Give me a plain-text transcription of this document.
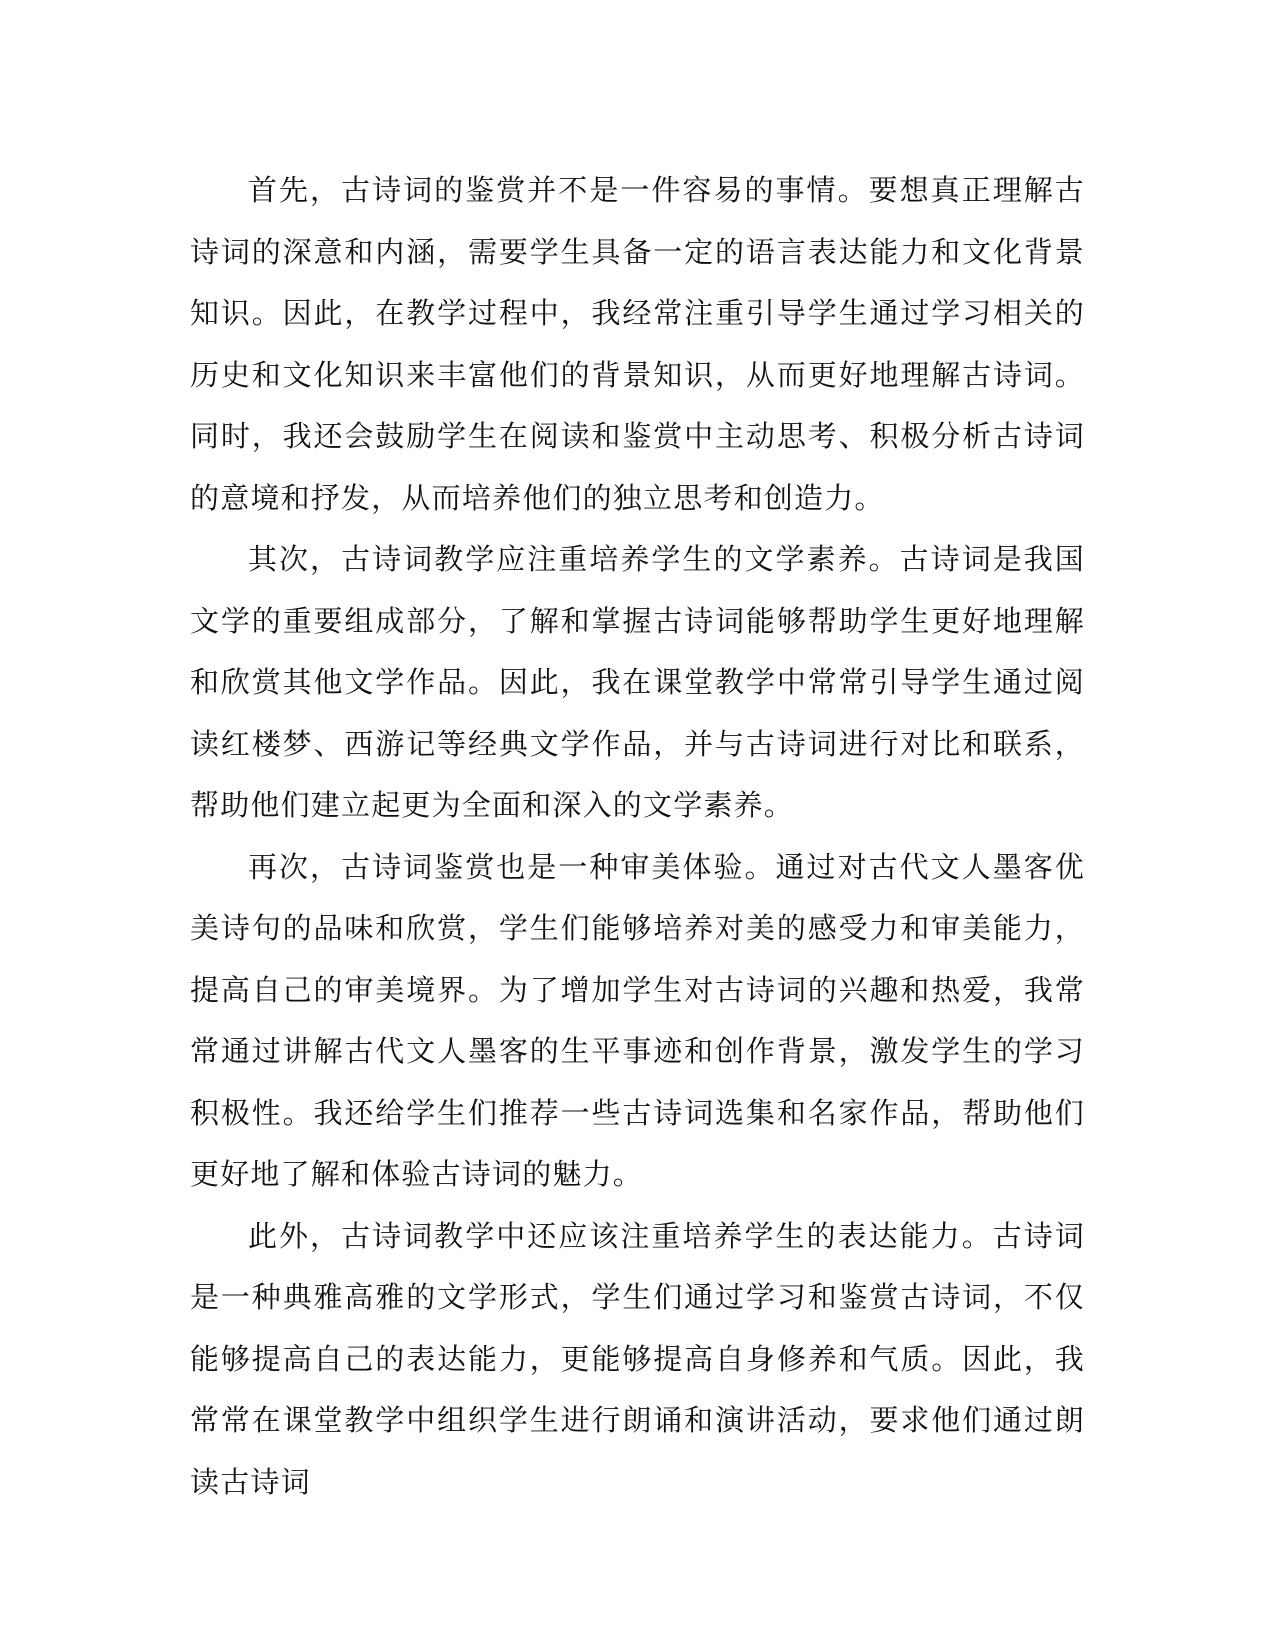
首先，古诗词的鉴赏并不是一件容易的事情。要想真正理解古诗词的深意和内涵，需要学生具备一定的语言表达能力和文化背景知识。因此，在教学过程中，我经常注重引导学生通过学习相关的历史和文化知识来丰富他们的背景知识，从而更好地理解古诗词。同时，我还会鼓励学生在阅读和鉴赏中主动思考、积极分析古诗词的意境和抒发，从而培养他们的独立思考和创造力。

其次，古诗词教学应注重培养学生的文学素养。古诗词是我国文学的重要组成部分，了解和掌握古诗词能够帮助学生更好地理解和欣赏其他文学作品。因此，我在课堂教学中常常引导学生通过阅读红楼梦、西游记等经典文学作品，并与古诗词进行对比和联系，帮助他们建立起更为全面和深入的文学素养。

再次，古诗词鉴赏也是一种审美体验。通过对古代文人墨客优美诗句的品味和欣赏，学生们能够培养对美的感受力和审美能力，提高自己的审美境界。为了增加学生对古诗词的兴趣和热爱，我常常通过讲解古代文人墨客的生平事迹和创作背景，激发学生的学习积极性。我还给学生们推荐一些古诗词选集和名家作品，帮助他们更好地了解和体验古诗词的魅力。

此外，古诗词教学中还应该注重培养学生的表达能力。古诗词是一种典雅高雅的文学形式，学生们通过学习和鉴赏古诗词，不仅能够提高自己的表达能力，更能够提高自身修养和气质。因此，我常常在课堂教学中组织学生进行朗诵和演讲活动，要求他们通过朗读古诗词
